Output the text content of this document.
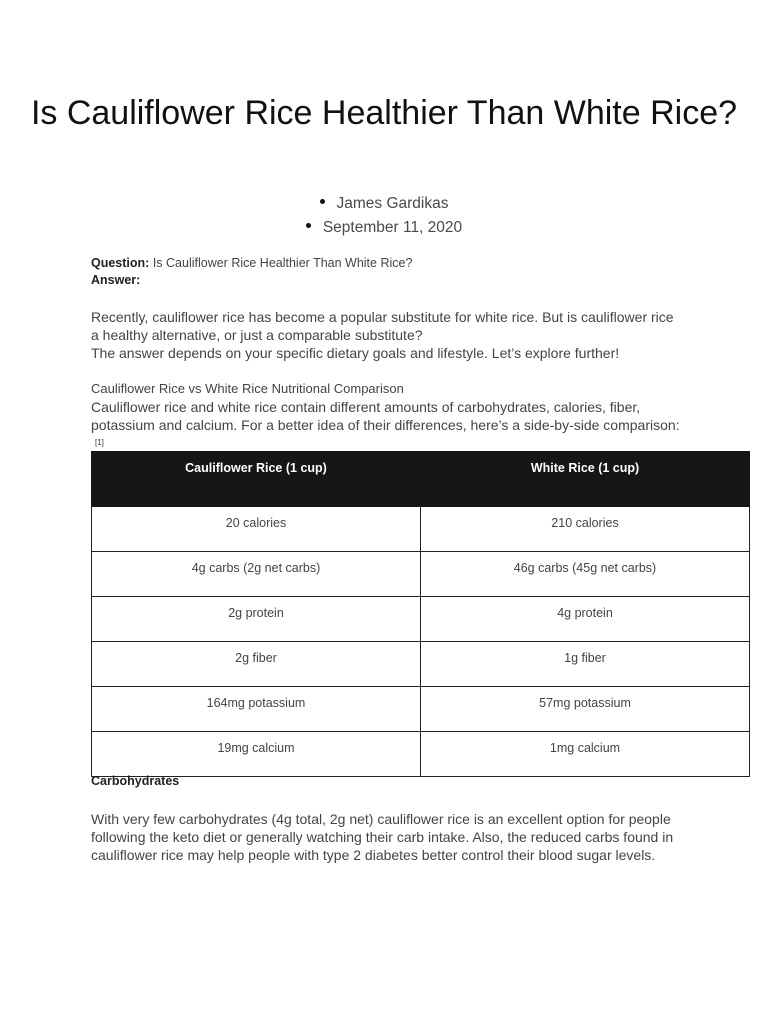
Is Cauliflower Rice Healthier Than White Rice?
James Gardikas
September 11, 2020
Question: Is Cauliflower Rice Healthier Than White Rice?
Answer:
Recently, cauliflower rice has become a popular substitute for white rice. But is cauliflower rice a healthy alternative, or just a comparable substitute?
The answer depends on your specific dietary goals and lifestyle. Let’s explore further!
Cauliflower Rice vs White Rice Nutritional Comparison
Cauliflower rice and white rice contain different amounts of carbohydrates, calories, fiber, potassium and calcium. For a better idea of their differences, here’s a side-by-side comparison:[1]
Cauliflower Rice (1 cup)	White Rice (1 cup)
20 calories	210 calories
4g carbs (2g net carbs)	46g carbs (45g net carbs)
2g protein	4g protein
2g fiber	1g fiber
164mg potassium	57mg potassium
19mg calcium	1mg calcium
Carbohydrates
With very few carbohydrates (4g total, 2g net) cauliflower rice is an excellent option for people following the keto diet or generally watching their carb intake. Also, the reduced carbs found in cauliflower rice may help people with type 2 diabetes better control their blood sugar levels.
